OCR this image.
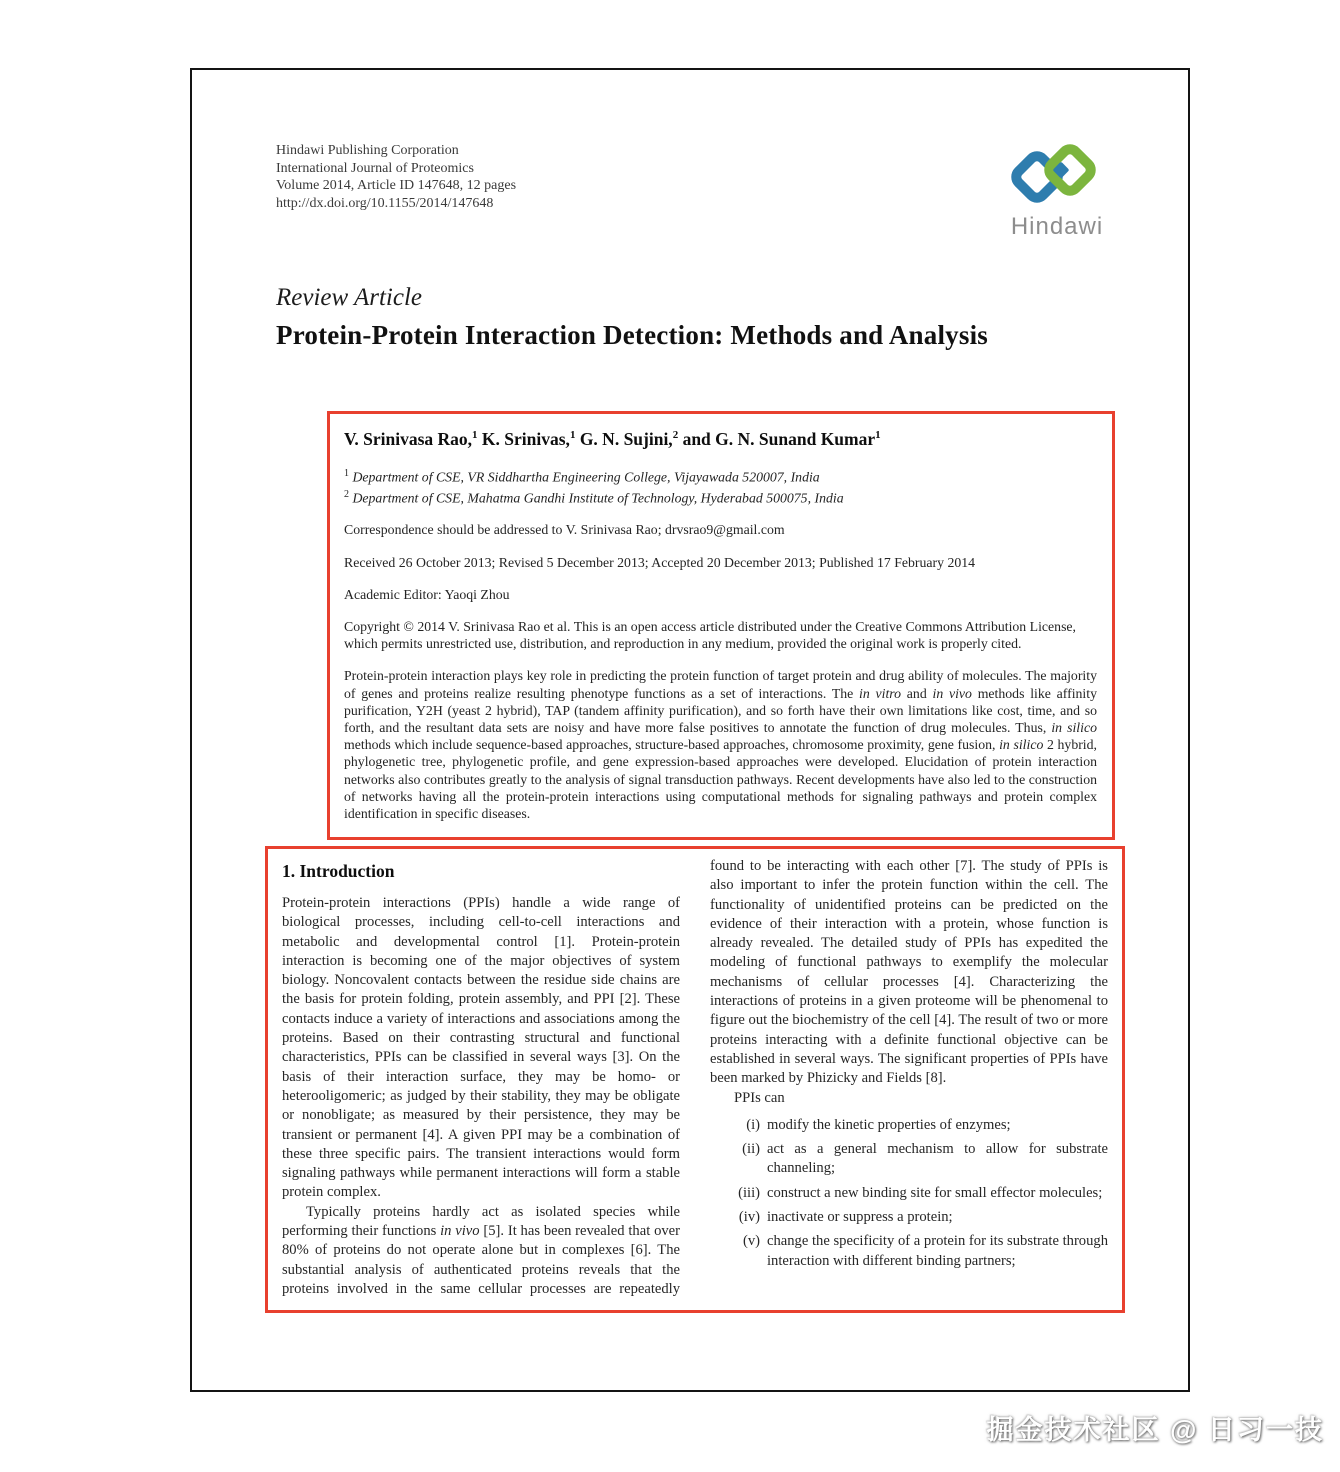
Hindawi Publishing Corporation
International Journal of Proteomics
Volume 2014, Article ID 147648, 12 pages
http://dx.doi.org/10.1155/2014/147648
Hindawi
Review Article
Protein-Protein Interaction Detection: Methods and Analysis
V. Srinivasa Rao,$^1$ K. Srinivas,$^1$ G. N. Sujini,$^2$ and G. N. Sunand Kumar$^1$
$^1$ Department of CSE, VR Siddhartha Engineering College, Vijayawada 520007, India
$^2$ Department of CSE, Mahatma Gandhi Institute of Technology, Hyderabad 500075, India
Correspondence should be addressed to V. Srinivasa Rao; drvsrao9@gmail.com
Received 26 October 2013; Revised 5 December 2013; Accepted 20 December 2013; Published 17 February 2014
Academic Editor: Yaoqi Zhou
Copyright © 2014 V. Srinivasa Rao et al. This is an open access article distributed under the Creative Commons Attribution License, which permits unrestricted use, distribution, and reproduction in any medium, provided the original work is properly cited.
Protein-protein interaction plays key role in predicting the protein function of target protein and drug ability of molecules. The majority of genes and proteins realize resulting phenotype functions as a set of interactions. The in vitro and in vivo methods like affinity purification, Y2H (yeast 2 hybrid), TAP (tandem affinity purification), and so forth have their own limitations like cost, time, and so forth, and the resultant data sets are noisy and have more false positives to annotate the function of drug molecules. Thus, in silico methods which include sequence-based approaches, structure-based approaches, chromosome proximity, gene fusion, in silico 2 hybrid, phylogenetic tree, phylogenetic profile, and gene expression-based approaches were developed. Elucidation of protein interaction networks also contributes greatly to the analysis of signal transduction pathways. Recent developments have also led to the construction of networks having all the protein-protein interactions using computational methods for signaling pathways and protein complex identification in specific diseases.
1. Introduction

Protein-protein interactions (PPIs) handle a wide range of biological processes, including cell-to-cell interactions and metabolic and developmental control [1]. Protein-protein interaction is becoming one of the major objectives of system biology. Noncovalent contacts between the residue side chains are the basis for protein folding, protein assembly, and PPI [2]. These contacts induce a variety of interactions and associations among the proteins. Based on their contrasting structural and functional characteristics, PPIs can be classified in several ways [3]. On the basis of their interaction surface, they may be homo- or heterooligomeric; as judged by their stability, they may be obligate or nonobligate; as measured by their persistence, they may be transient or permanent [4]. A given PPI may be a combination of these three specific pairs. The transient interactions would form signaling pathways while permanent interactions will form a stable protein complex.

Typically proteins hardly act as isolated species while performing their functions in vivo [5]. It has been revealed that over 80% of proteins do not operate alone but in complexes [6]. The substantial analysis of authenticated proteins reveals that the proteins involved in the same cellular processes are repeatedly found to be interacting with each other [7]. The study of PPIs is also important to infer the protein function within the cell. The functionality of unidentified proteins can be predicted on the evidence of their interaction with a protein, whose function is already revealed. The detailed study of PPIs has expedited the modeling of functional pathways to exemplify the molecular mechanisms of cellular processes [4]. Characterizing the interactions of proteins in a given proteome will be phenomenal to figure out the biochemistry of the cell [4]. The result of two or more proteins interacting with a definite functional objective can be established in several ways. The significant properties of PPIs have been marked by Phizicky and Fields [8].

PPIs can

(i) modify the kinetic properties of enzymes;
(ii) act as a general mechanism to allow for substrate channeling;
(iii) construct a new binding site for small effector molecules;
(iv) inactivate or suppress a protein;
(v) change the specificity of a protein for its substrate through interaction with different binding partners;
掘金技术社区 @ 日习一技
